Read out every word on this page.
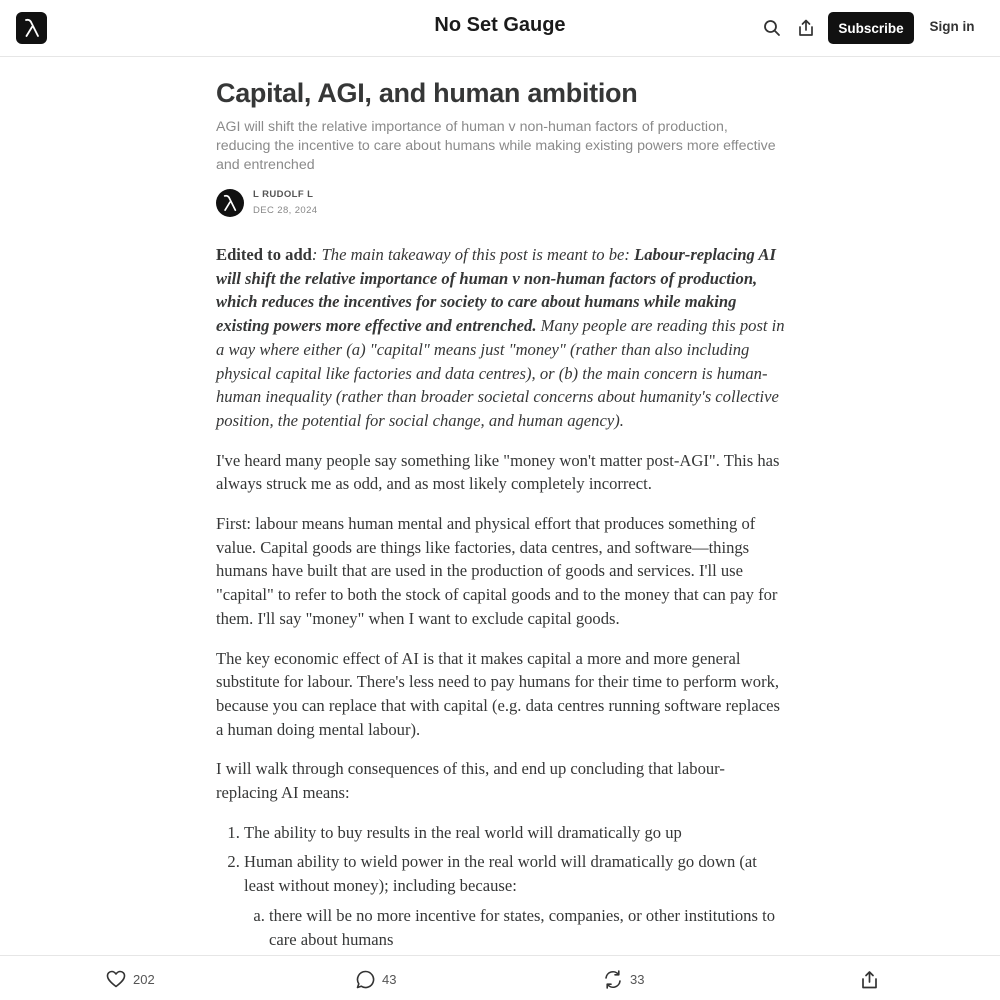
No Set Gauge	Subscribe	Sign in
Capital, AGI, and human ambition

AGI will shift the relative importance of human v non-human factors of production, reducing the incentive to care about humans while making existing powers more effective and entrenched

L RUDOLF L
DEC 28, 2024

Edited to add: The main takeaway of this post is meant to be: Labour-replacing AI will shift the relative importance of human v non-human factors of production, which reduces the incentives for society to care about humans while making existing powers more effective and entrenched. Many people are reading this post in a way where either (a) "capital" means just "money" (rather than also including physical capital like factories and data centres), or (b) the main concern is human-human inequality (rather than broader societal concerns about humanity's collective position, the potential for social change, and human agency).

I've heard many people say something like "money won't matter post-AGI". This has always struck me as odd, and as most likely completely incorrect.

First: labour means human mental and physical effort that produces something of value. Capital goods are things like factories, data centres, and software—things humans have built that are used in the production of goods and services. I'll use "capital" to refer to both the stock of capital goods and to the money that can pay for them. I'll say "money" when I want to exclude capital goods.

The key economic effect of AI is that it makes capital a more and more general substitute for labour. There's less need to pay humans for their time to perform work, because you can replace that with capital (e.g. data centres running software replaces a human doing mental labour).

I will walk through consequences of this, and end up concluding that labour-replacing AI means:

1. The ability to buy results in the real world will dramatically go up
2. Human ability to wield power in the real world will dramatically go down (at least without money); including because:
a. there will be no more incentive for states, companies, or other institutions to care about humans
202	43	33
